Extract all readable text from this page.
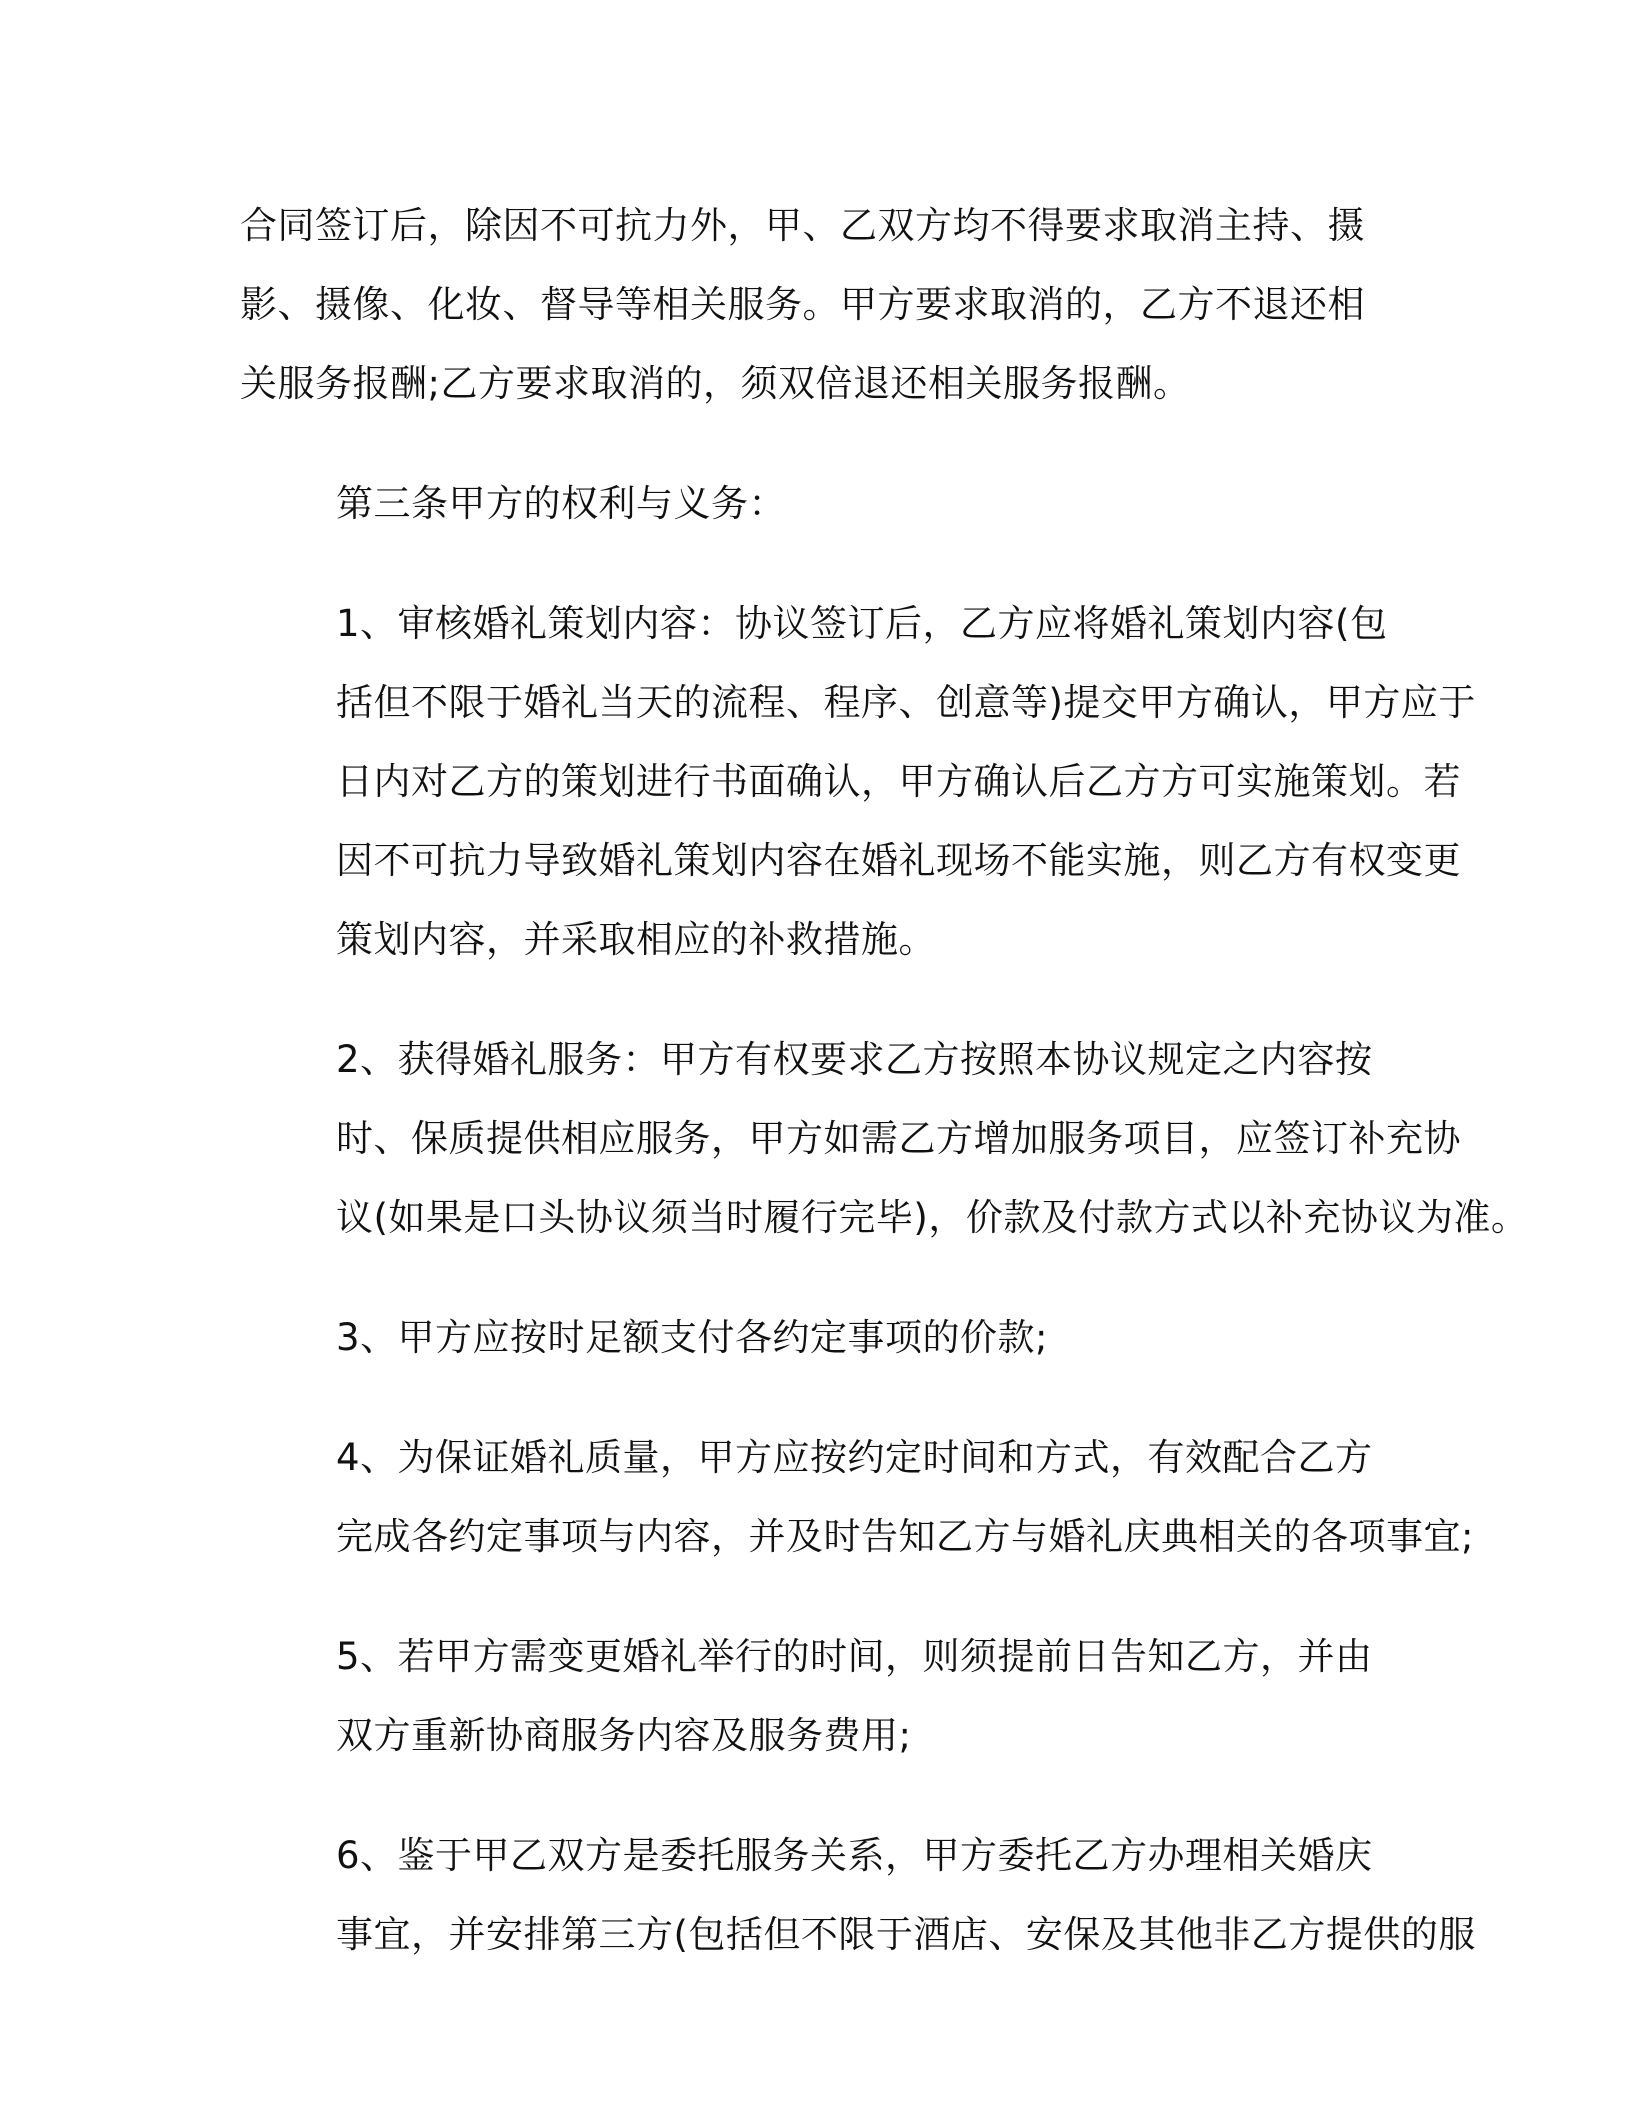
合同签订后，除因不可抗力外，甲、乙双方均不得要求取消主持、摄
影、摄像、化妆、督导等相关服务。甲方要求取消的，乙方不退还相
关服务报酬;乙方要求取消的，须双倍退还相关服务报酬。

第三条甲方的权利与义务：

1、审核婚礼策划内容：协议签订后，乙方应将婚礼策划内容(包
括但不限于婚礼当天的流程、程序、创意等)提交甲方确认，甲方应于
日内对乙方的策划进行书面确认，甲方确认后乙方方可实施策划。若
因不可抗力导致婚礼策划内容在婚礼现场不能实施，则乙方有权变更
策划内容，并采取相应的补救措施。

2、获得婚礼服务：甲方有权要求乙方按照本协议规定之内容按
时、保质提供相应服务，甲方如需乙方增加服务项目，应签订补充协
议(如果是口头协议须当时履行完毕)，价款及付款方式以补充协议为准。

3、甲方应按时足额支付各约定事项的价款;

4、为保证婚礼质量，甲方应按约定时间和方式，有效配合乙方
完成各约定事项与内容，并及时告知乙方与婚礼庆典相关的各项事宜;

5、若甲方需变更婚礼举行的时间，则须提前日告知乙方，并由
双方重新协商服务内容及服务费用;

6、鉴于甲乙双方是委托服务关系，甲方委托乙方办理相关婚庆
事宜，并安排第三方(包括但不限于酒店、安保及其他非乙方提供的服
